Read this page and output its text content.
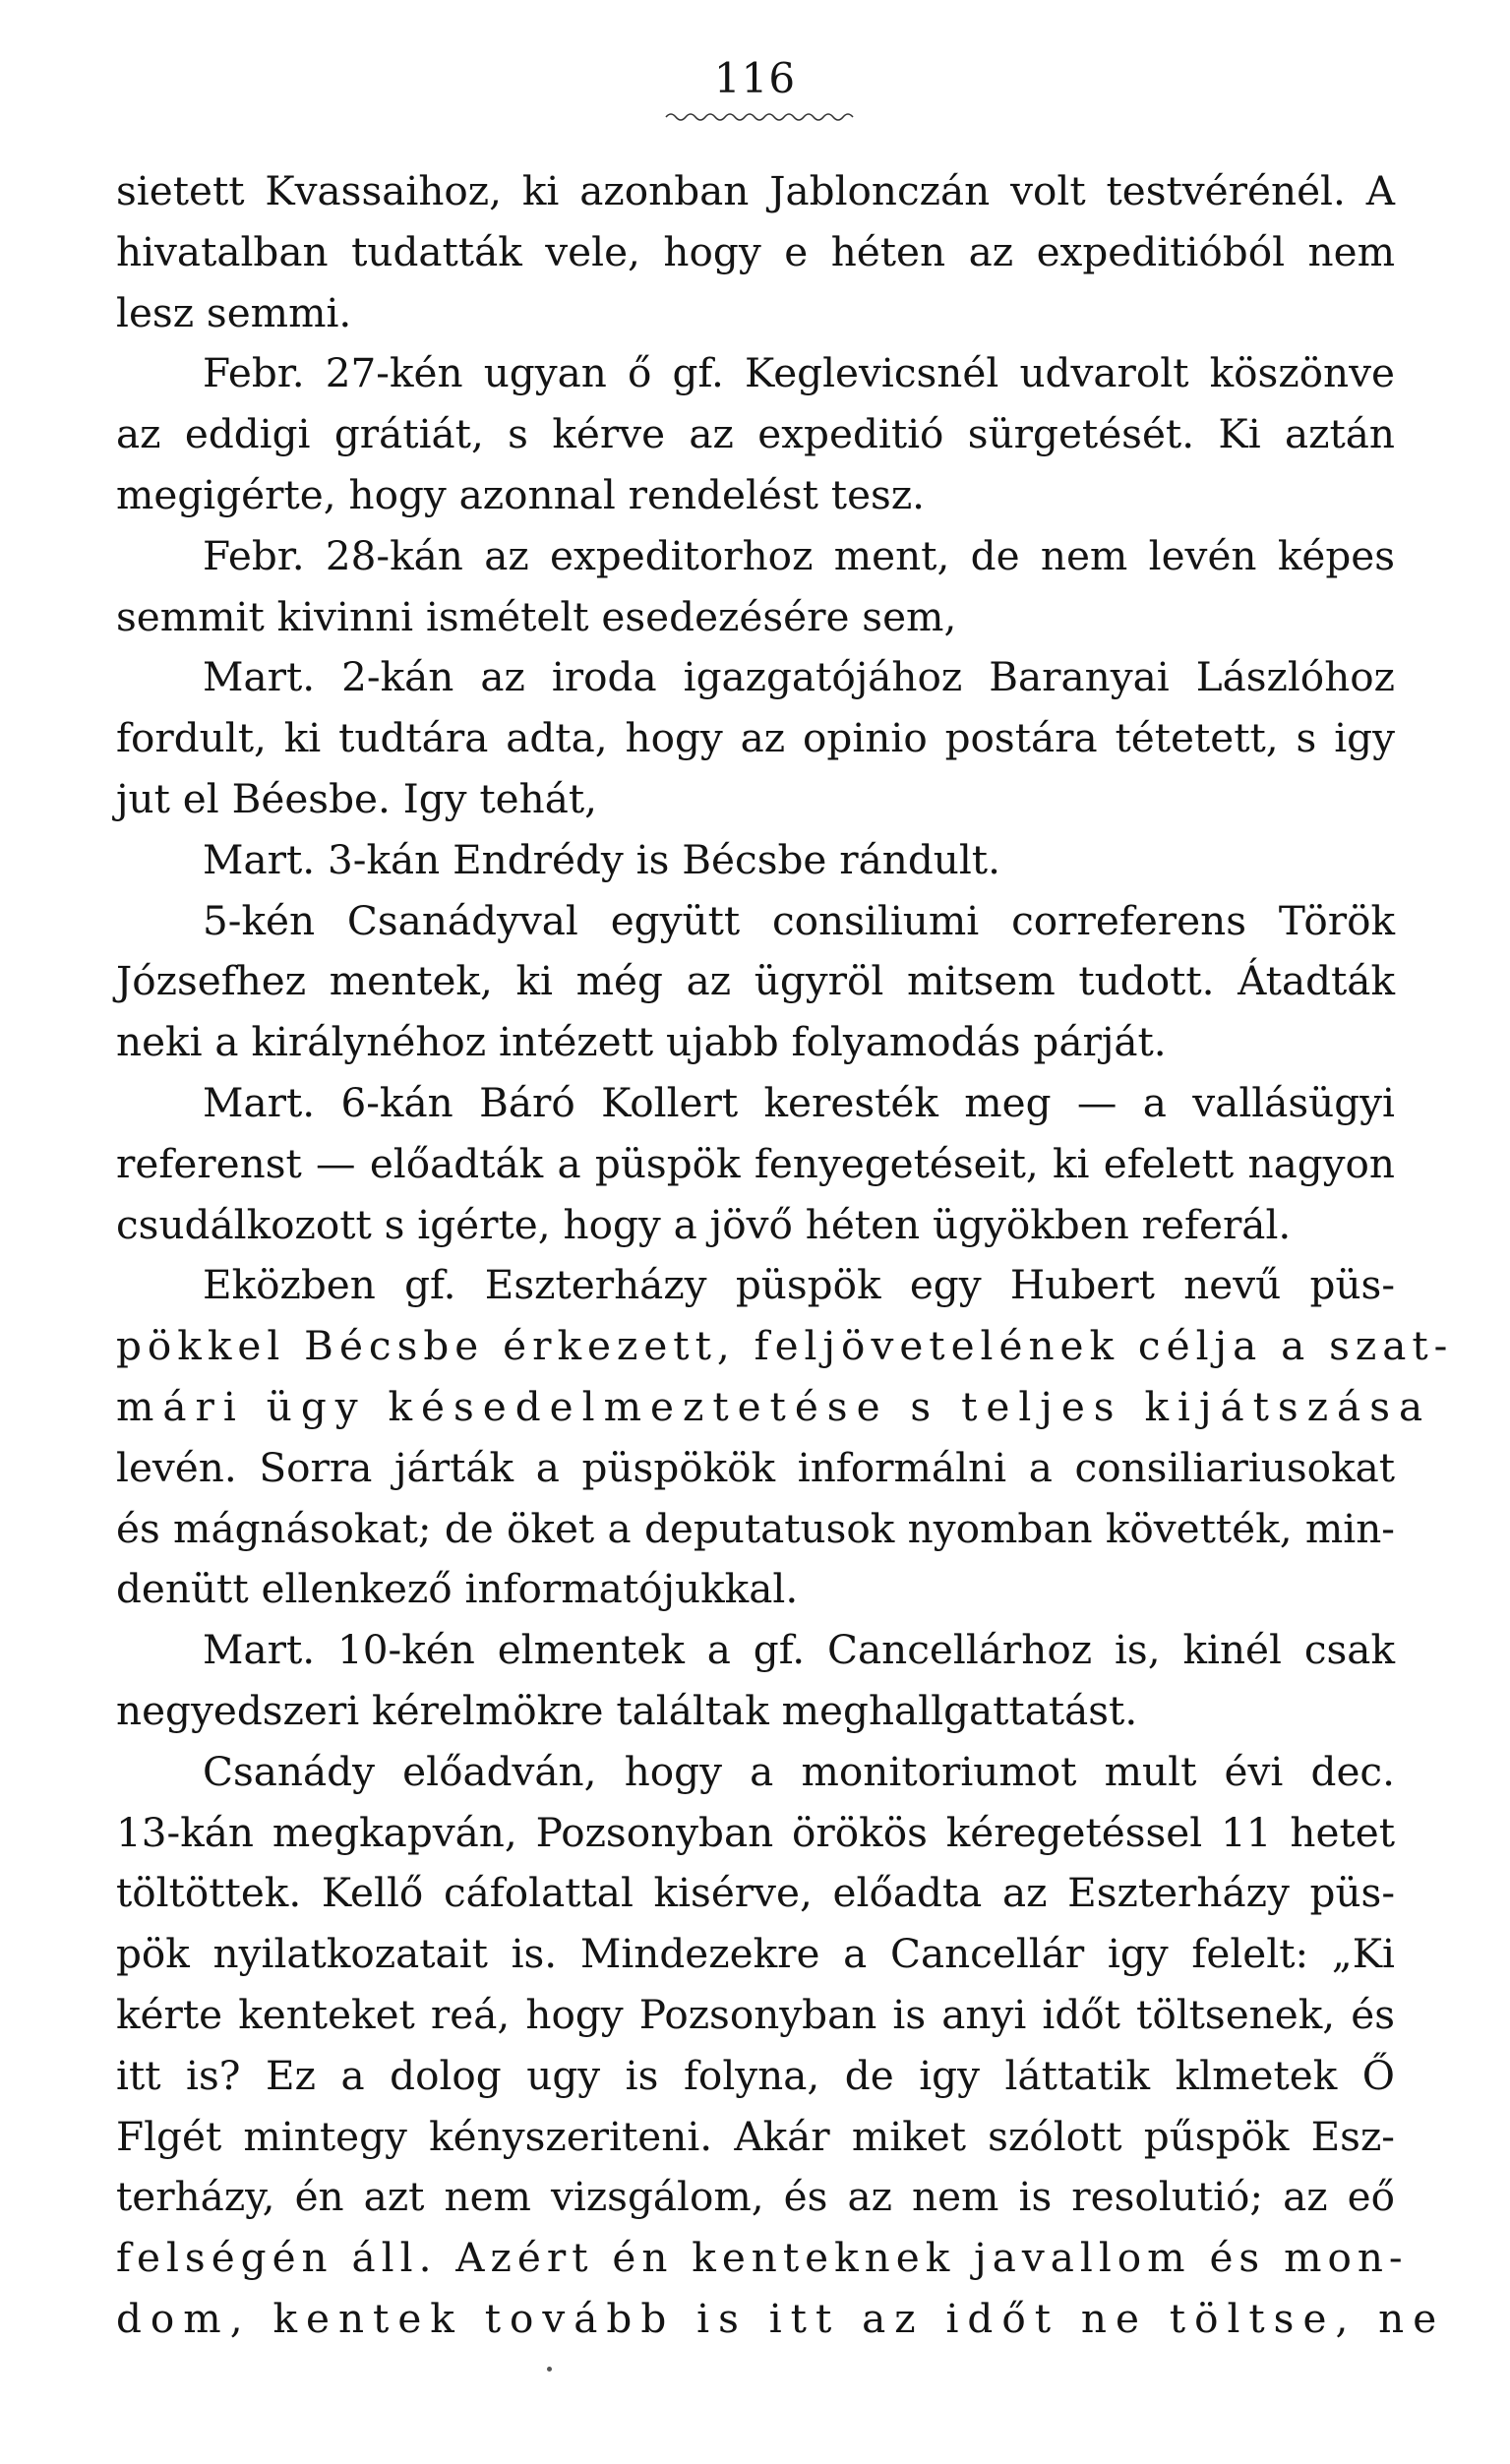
116
sietett Kvassaihoz, ki azonban Jablonczán volt testvérénél. A
hivatalban tudatták vele, hogy e héten az expeditióból nem
lesz semmi.
Febr. 27-kén ugyan ő gf. Keglevicsnél udvarolt köszönve
az eddigi grátiát, s kérve az expeditió sürgetését. Ki aztán
megigérte, hogy azonnal rendelést tesz.
Febr. 28-kán az expeditorhoz ment, de nem levén képes
semmit kivinni ismételt esedezésére sem,
Mart. 2-kán az iroda igazgatójához Baranyai Lászlóhoz
fordult, ki tudtára adta, hogy az opinio postára tétetett, s igy
jut el Béesbe. Igy tehát,
Mart. 3-kán Endrédy is Bécsbe rándult.
5-kén Csanádyval együtt consiliumi correferens Török
Józsefhez mentek, ki még az ügyröl mitsem tudott. Átadták
neki a királynéhoz intézett ujabb folyamodás párját.
Mart. 6-kán Báró Kollert keresték meg — a vallásügyi
referenst — előadták a püspök fenyegetéseit, ki efelett nagyon
csudálkozott s igérte, hogy a jövő héten ügyökben referál.
Eközben gf. Eszterházy püspök egy Hubert nevű püs-
pökkel Bécsbe érkezett, feljövetelének célja a szat-
mári ügy késedelmeztetése s teljes kijátszása
levén. Sorra járták a püspökök informálni a consiliariusokat
és mágnásokat; de öket a deputatusok nyomban követték, min-
denütt ellenkező informatójukkal.
Mart. 10-kén elmentek a gf. Cancellárhoz is, kinél csak
negyedszeri kérelmökre találtak meghallgattatást.
Csanády előadván, hogy a monitoriumot mult évi dec.
13-kán megkapván, Pozsonyban örökös kéregetéssel 11 hetet
töltöttek. Kellő cáfolattal kisérve, előadta az Eszterházy püs-
pök nyilatkozatait is. Mindezekre a Cancellár igy felelt: „Ki
kérte kenteket reá, hogy Pozsonyban is anyi időt töltsenek, és
itt is? Ez a dolog ugy is folyna, de igy láttatik klmetek Ő
Flgét mintegy kényszeriteni. Akár miket szólott pűspök Esz-
terházy, én azt nem vizsgálom, és az nem is resolutió; az eő
felségén áll. Azért én kenteknek javallom és mon-
dom, kentek tovább is itt az időt ne töltse, ne
